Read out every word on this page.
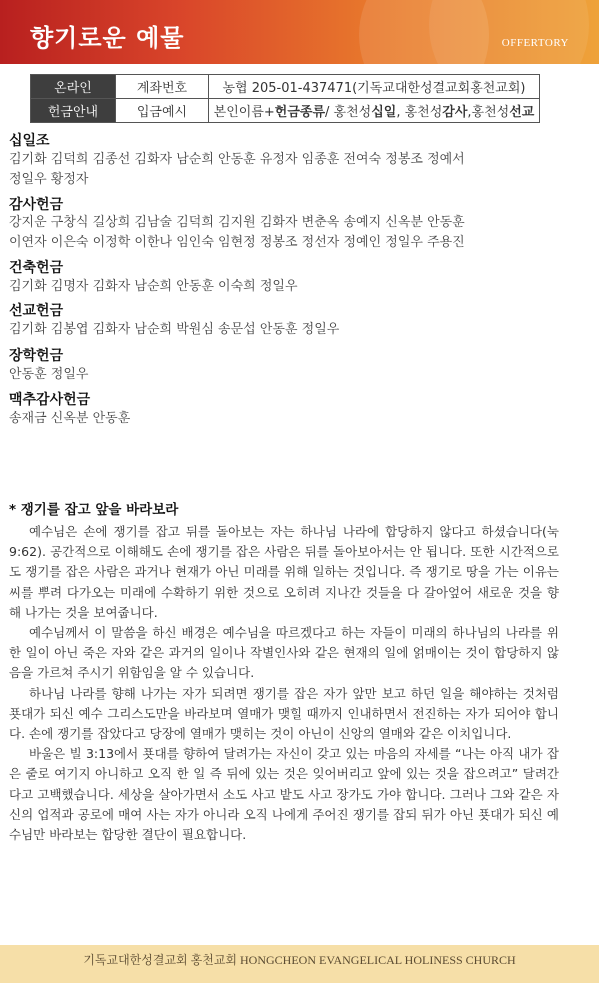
향기로운 예물	OFFERTORY
온라인	계좌번호	농협 205-01-437471(기독교대한성결교회홍천교회)
헌금안내	입금예시	본인이름+헌금종류/ 홍천성십일, 홍천성감사,홍천성선교
십일조
김기화 김덕희 김종선 김화자 남순희 안동훈 유정자 임종훈 전여숙 정봉조 정예서
정일우 황정자
감사헌금
강지운 구창식 길상희 김남술 김덕희 김지원 김화자 변춘옥 송예지 신옥분 안동훈
이연자 이은숙 이정학 이한나 임인숙 임현정 정봉조 정선자 정예인 정일우 주용진
건축헌금
김기화 김명자 김화자 남순희 안동훈 이숙희 정일우
선교헌금
김기화 김봉엽 김화자 남순희 박원심 송문섭 안동훈 정일우
장학헌금
안동훈 정일우
맥추감사헌금
송재금 신옥분 안동훈
* 쟁기를 잡고 앞을 바라보라

예수님은 손에 쟁기를 잡고 뒤를 돌아보는 자는 하나님 나라에 합당하지 않다고 하셨습니다(눅 9:62). 공간적으로 이해해도 손에 쟁기를 잡은 사람은 뒤를 돌아보아서는 안 됩니다. 또한 시간적으로도 쟁기를 잡은 사람은 과거나 현재가 아닌 미래를 위해 일하는 것입니다. 즉 쟁기로 땅을 가는 이유는 씨를 뿌려 다가오는 미래에 수확하기 위한 것으로 오히려 지나간 것들을 다 갈아엎어 새로운 것을 향해 나가는 것을 보여줍니다.

예수님께서 이 말씀을 하신 배경은 예수님을 따르겠다고 하는 자들이 미래의 하나님의 나라를 위한 일이 아닌 죽은 자와 같은 과거의 일이나 작별인사와 같은 현재의 일에 얽매이는 것이 합당하지 않음을 가르쳐 주시기 위함임을 알 수 있습니다.

하나님 나라를 향해 나가는 자가 되려면 쟁기를 잡은 자가 앞만 보고 하던 일을 해야하는 것처럼 푯대가 되신 예수 그리스도만을 바라보며 열매가 맺힐 때까지 인내하면서 전진하는 자가 되어야 합니다. 손에 쟁기를 잡았다고 당장에 열매가 맺히는 것이 아닌이 신앙의 열매와 같은 이치입니다.

바울은 빌 3:13에서 푯대를 향하여 달려가는 자신이 갖고 있는 마음의 자세를 “나는 아직 내가 잡은 줄로 여기지 아니하고 오직 한 일 즉 뒤에 있는 것은 잊어버리고 앞에 있는 것을 잡으려고” 달려간다고 고백했습니다. 세상을 살아가면서 소도 사고 밭도 사고 장가도 가야 합니다. 그러나 그와 같은 자신의 업적과 공로에 매여 사는 자가 아니라 오직 나에게 주어진 쟁기를 잡되 뒤가 아닌 푯대가 되신 예수님만 바라보는 합당한 결단이 필요합니다.

기독교대한성결교회 홍천교회 HONGCHEON EVANGELICAL HOLINESS CHURCH
